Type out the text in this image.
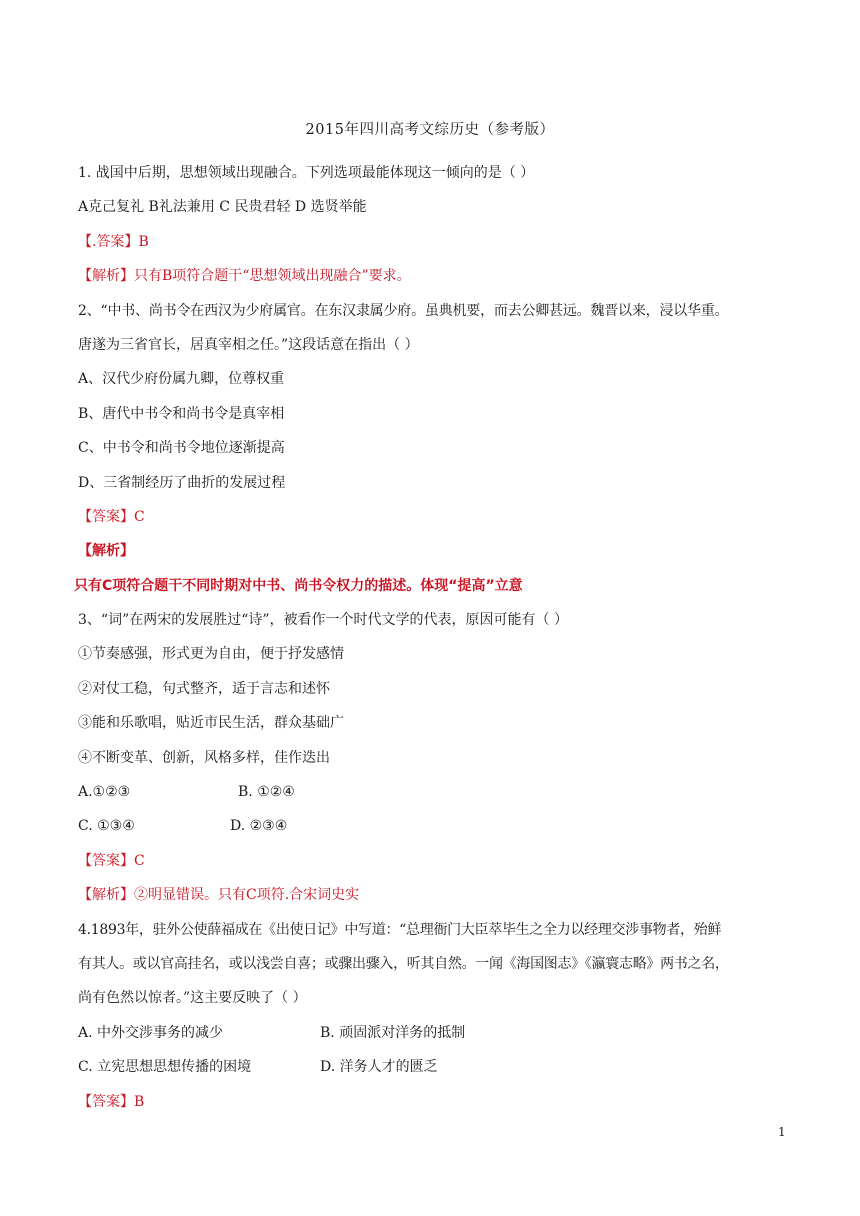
2015年四川高考文综历史（参考版）
1. 战国中后期，思想领域出现融合。下列选项最能体现这一倾向的是（ ）
A克己复礼 B礼法兼用 C 民贵君轻 D 选贤举能
【.答案】B
【解析】只有B项符合题干“思想领域出现融合”要求。
2、“中书、尚书令在西汉为少府属官。在东汉隶属少府。虽典机要，而去公卿甚远。魏晋以来，浸以华重。
唐遂为三省官长，居真宰相之任。”这段话意在指出（ ）
A、汉代少府份属九卿，位尊权重
B、唐代中书令和尚书令是真宰相
C、中书令和尚书令地位逐渐提高
D、三省制经历了曲折的发展过程
【答案】C
【解析】
只有C项符合题干不同时期对中书、尚书令权力的描述。体现“提高”立意
3、“词”在两宋的发展胜过“诗”，被看作一个时代文学的代表，原因可能有（ ）
①节奏感强，形式更为自由，便于抒发感情
②对仗工稳，句式整齐，适于言志和述怀
③能和乐歌唱，贴近市民生活，群众基础广
④不断变革、创新，风格多样，佳作迭出
A.①②③	B. ①②④
C. ①③④	D. ②③④
【答案】C
【解析】②明显错误。只有C项符.合宋词史实
4.1893年，驻外公使薛福成在《出使日记》中写道：“总理衙门大臣萃毕生之全力以经理交涉事物者，殆鲜
有其人。或以官高挂名，或以浅尝自喜；或骤出骤入，听其自然。一闻《海国图志》《瀛寰志略》两书之名，
尚有色然以惊者。”这主要反映了（ ）
A. 中外交涉事务的减少	B. 顽固派对洋务的抵制
C. 立宪思想思想传播的困境	D. 洋务人才的匮乏
【答案】B
1
